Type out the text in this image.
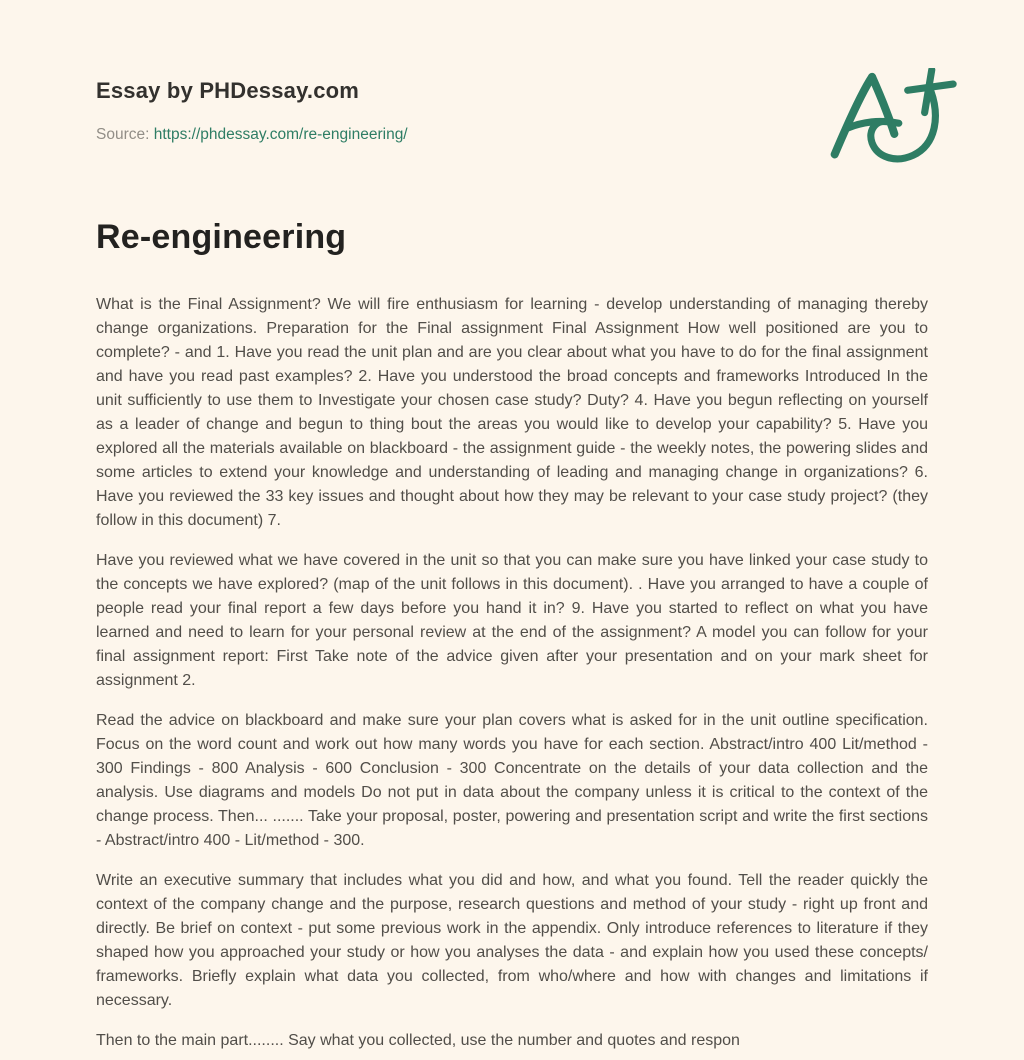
Essay by PHDessay.com
Source: https://phdessay.com/re-engineering/
Re-engineering

What is the Final Assignment? We will fire enthusiasm for learning - develop understanding of managing thereby change organizations. Preparation for the Final assignment Final Assignment How well positioned are you to complete? - and 1. Have you read the unit plan and are you clear about what you have to do for the final assignment and have you read past examples? 2. Have you understood the broad concepts and frameworks Introduced In the unit sufficiently to use them to Investigate your chosen case study? Duty? 4. Have you begun reflecting on yourself as a leader of change and begun to thing bout the areas you would like to develop your capability? 5. Have you explored all the materials available on blackboard - the assignment guide - the weekly notes, the powering slides and some articles to extend your knowledge and understanding of leading and managing change in organizations? 6. Have you reviewed the 33 key issues and thought about how they may be relevant to your case study project? (they follow in this document) 7.

Have you reviewed what we have covered in the unit so that you can make sure you have linked your case study to the concepts we have explored? (map of the unit follows in this document). . Have you arranged to have a couple of people read your final report a few days before you hand it in? 9. Have you started to reflect on what you have learned and need to learn for your personal review at the end of the assignment? A model you can follow for your final assignment report: First Take note of the advice given after your presentation and on your mark sheet for assignment 2.

Read the advice on blackboard and make sure your plan covers what is asked for in the unit outline specification. Focus on the word count and work out how many words you have for each section. Abstract/intro 400 Lit/method - 300 Findings - 800 Analysis - 600 Conclusion - 300 Concentrate on the details of your data collection and the analysis. Use diagrams and models Do not put in data about the company unless it is critical to the context of the change process. Then... ....... Take your proposal, poster, powering and presentation script and write the first sections - Abstract/intro 400 - Lit/method - 300.

Write an executive summary that includes what you did and how, and what you found. Tell the reader quickly the context of the company change and the purpose, research questions and method of your study - right up front and directly. Be brief on context - put some previous work in the appendix. Only introduce references to literature if they shaped how you approached your study or how you analyses the data - and explain how you used these concepts/ frameworks. Briefly explain what data you collected, from who/where and how with changes and limitations if necessary.

Then to the main part........ Say what you collected, use the number and quotes and respon
